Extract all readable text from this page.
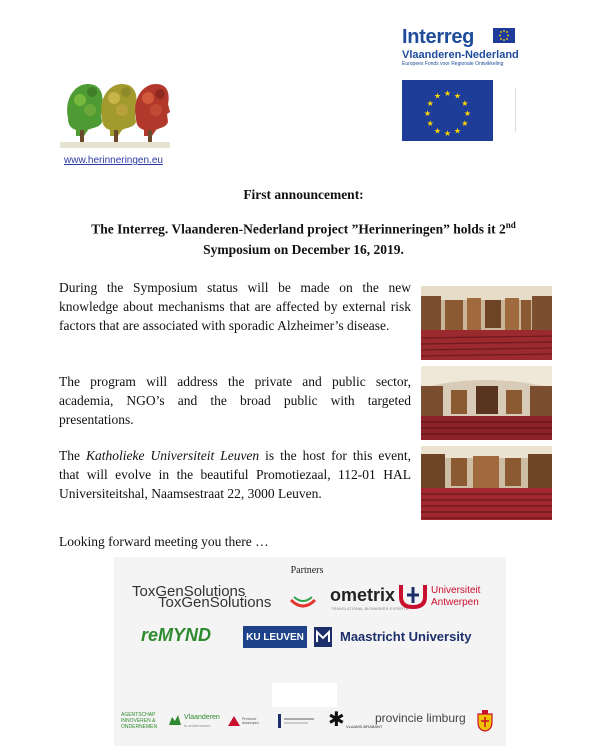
www.herinneringen.eu
Interreg
Vlaanderen-Nederland
Europees Fonds voor Regionale Ontwikkeling
★ ★
★
★
★
★
★
★
★
★
★
★
First announcement:
The Interreg. Vlaanderen-Nederland project ”Herinneringen” holds it 2nd
Symposium on December 16, 2019.
During the Symposium status will be made on the new knowledge about mechanisms that are affected by external risk factors that are associated with sporadic Alzheimer’s disease.
The program will address the private and public sector, academia, NGO’s and the broad public with targeted presentations.
The Katholieke Universiteit Leuven is the host for this event, that will evolve in the beautiful Promotiezaal, 112-01 HAL Universiteitshal, Naamsestraat 22, 3000 Leuven.
Looking forward meeting you there …
Partners
ToxGenSolutions
ToxGenSolutions	ometrix
TRANSLATIONAL BIOMARKER EXPERTS
Universiteit
Antwerpen
reMYND	KU LEUVEN	Maastricht University
AGENTSCHAP INNOVEREN & ONDERNEMEN
Vlaanderen
is ondernemen
Provincie Antwerpen	✱ VLAAMS-BRABANT
provincie limburg
